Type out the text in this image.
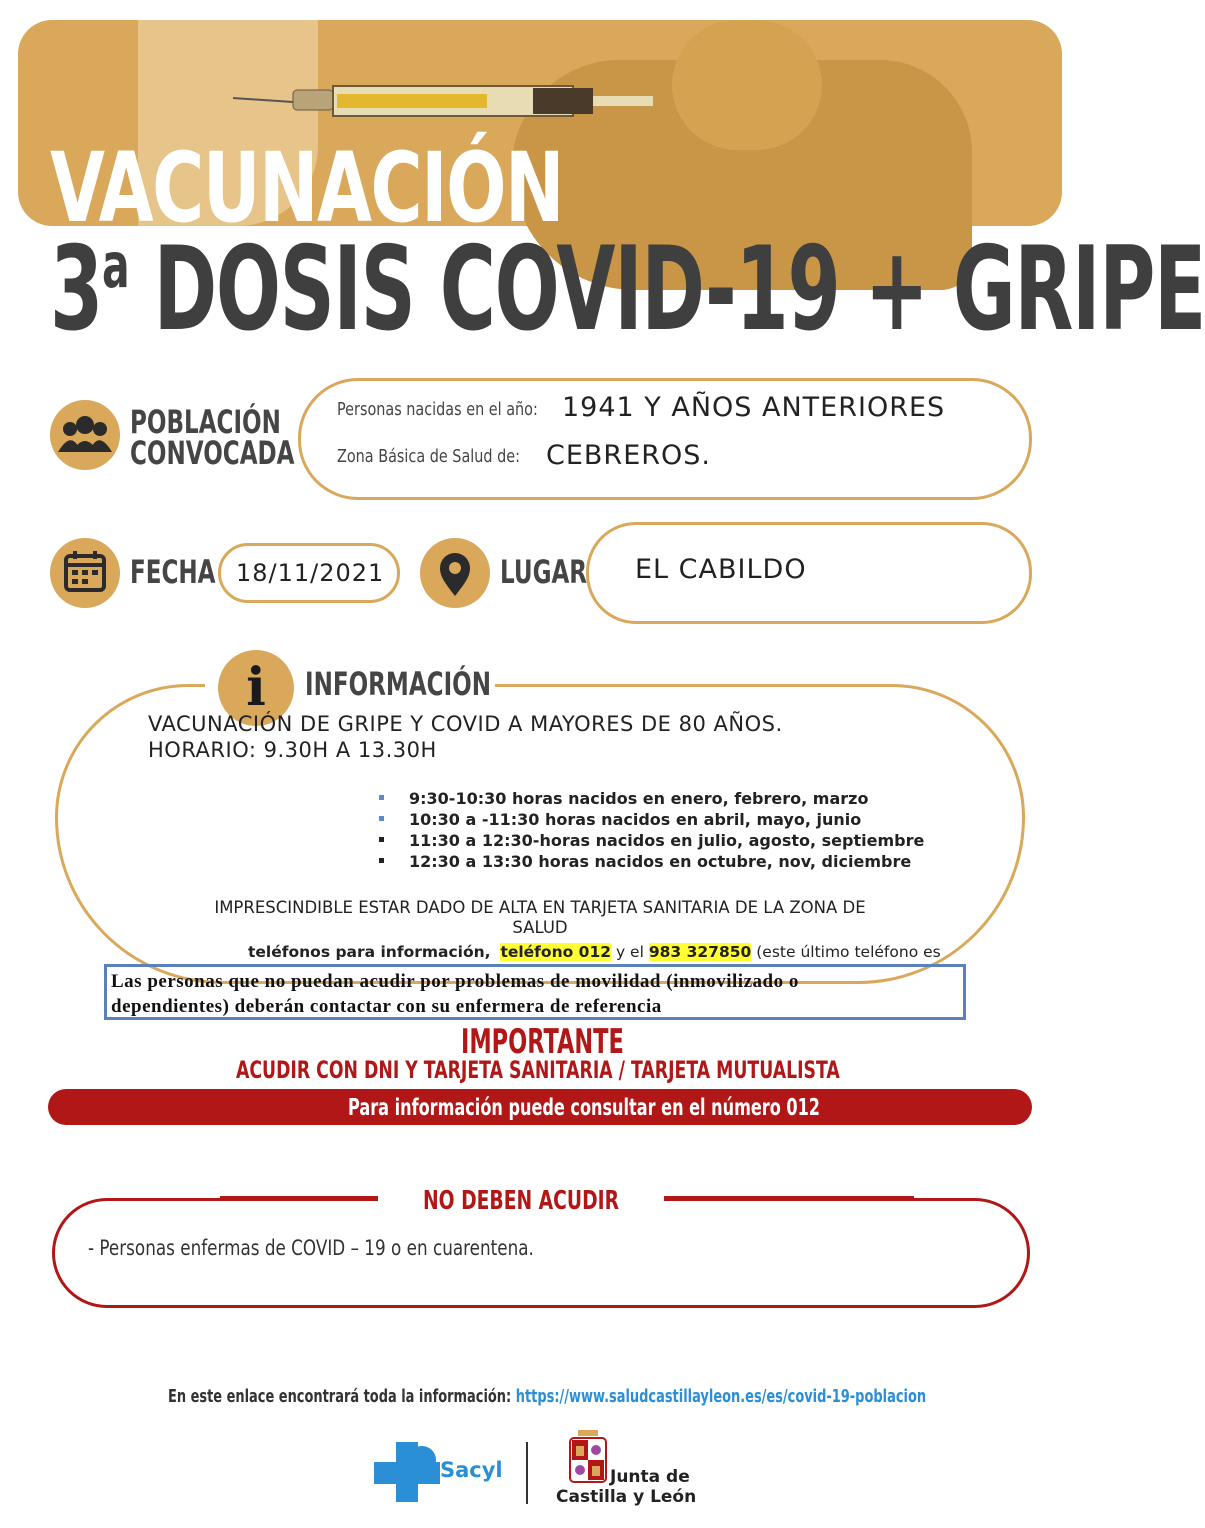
VACUNACIÓN
3$^a$ DOSIS COVID-19 + GRIPE
POBLACIÓN
CONVOCADA
Personas nacidas en el año: 1941 Y AÑOS ANTERIORES
Zona Básica de Salud de: CEBREROS.
FECHA 18/11/2021	LUGAR EL CABILDO
i	INFORMACIÓN
VACUNACIÓN DE GRIPE Y COVID A MAYORES DE 80 AÑOS.
HORARIO: 9.30H A 13.30H
9:30-10:30 horas nacidos en enero, febrero, marzo
10:30 a -11:30 horas nacidos en abril, mayo, junio
11:30 a 12:30-horas nacidos en julio, agosto, septiembre
12:30 a 13:30 horas nacidos en octubre, nov, diciembre
IMPRESCINDIBLE ESTAR DADO DE ALTA EN TARJETA SANITARIA DE LA ZONA DE
SALUD
teléfonos para información, teléfono 012 y el 983 327850 (este último teléfono es
Las personas que no puedan acudir por problemas de movilidad (inmovilizado o
dependientes) deberán contactar con su enfermera de referencia
IMPORTANTE
ACUDIR CON DNI Y TARJETA SANITARIA / TARJETA MUTUALISTA
Para información puede consultar en el número 012
NO DEBEN ACUDIR
- Personas enfermas de COVID – 19 o en cuarentena.
En este enlace encontrará toda la información: https://www.saludcastillayleon.es/es/covid-19-poblacion
Sacyl	Junta de
Castilla y León
